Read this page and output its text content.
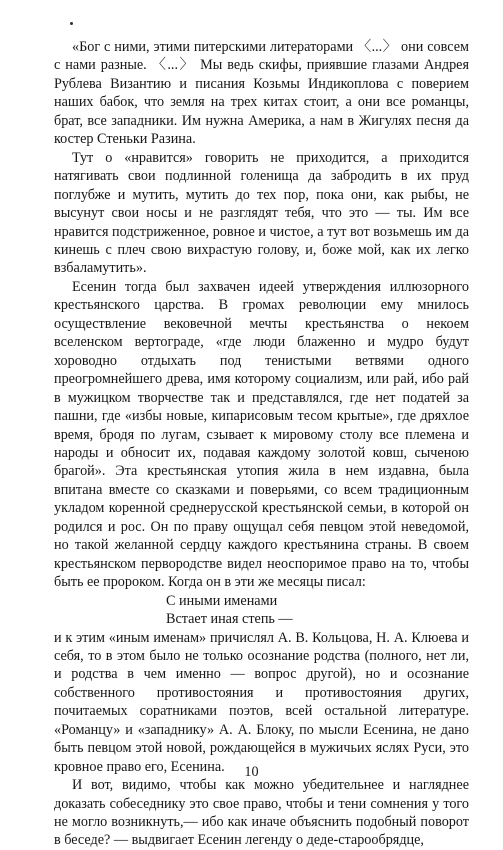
«Бог с ними, этими питерскими литераторами 〈...〉 они совсем с нами разные. 〈...〉 Мы ведь скифы, приявшие глазами Андрея Рублева Византию и писания Козьмы Индикоплова с поверием наших бабок, что земля на трех китах стоит, а они все романцы, брат, все западники. Им нужна Америка, а нам в Жигулях песня да костер Стеньки Разина.

Тут о «нравится» говорить не приходится, а приходится натягивать свои подлинной голенища да забродить в их пруд поглубже и мутить, мутить до тех пор, пока они, как рыбы, не высунут свои носы и не разглядят тебя, что это — ты. Им все нравится подстриженное, ровное и чистое, а тут вот возьмешь им да кинешь с плеч свою вихрастую голову, и, боже мой, как их легко взбаламутить».

Есенин тогда был захвачен идеей утверждения иллюзорного крестьянского царства. В громах революции ему мнилось осуществление вековечной мечты крестьянства о некоем вселенском вертограде, «где люди блаженно и мудро будут хороводно отдыхать под тенистыми ветвями одного преогромнейшего древа, имя которому социализм, или рай, ибо рай в мужицком творчестве так и представлялся, где нет податей за пашни, где «избы новые, кипарисовым тесом крытые», где дряхлое время, бродя по лугам, сзывает к мировому столу все племена и народы и обносит их, подавая каждому золотой ковш, сыченою брагой». Эта крестьянская утопия жила в нем издавна, была впитана вместе со сказками и поверьями, со всем традиционным укладом коренной среднерусской крестьянской семьи, в которой он родился и рос. Он по праву ощущал себя певцом этой неведомой, но такой желанной сердцу каждого крестьянина страны. В своем крестьянском первородстве видел неоспоримое право на то, чтобы быть ее пророком. Когда он в эти же месяцы писал:

С иными именами
Встает иная степь —

и к этим «иным именам» причислял А. В. Кольцова, Н. А. Клюева и себя, то в этом было не только осознание родства (полного, нет ли, и родства в чем именно — вопрос другой), но и осознание собственного противостояния и противостояния других, почитаемых соратниками поэтов, всей остальной литературе. «Романцу» и «западнику» А. А. Блоку, по мысли Есенина, не дано быть певцом этой новой, рождающейся в мужичьих яслях Руси, это кровное право его, Есенина.

И вот, видимо, чтобы как можно убедительнее и нагляднее доказать собеседнику это свое право, чтобы и тени сомнения у того не могло возникнуть,— ибо как иначе объяснить подобный поворот в беседе? — выдвигает Есенин легенду о деде-старообрядце,

10
